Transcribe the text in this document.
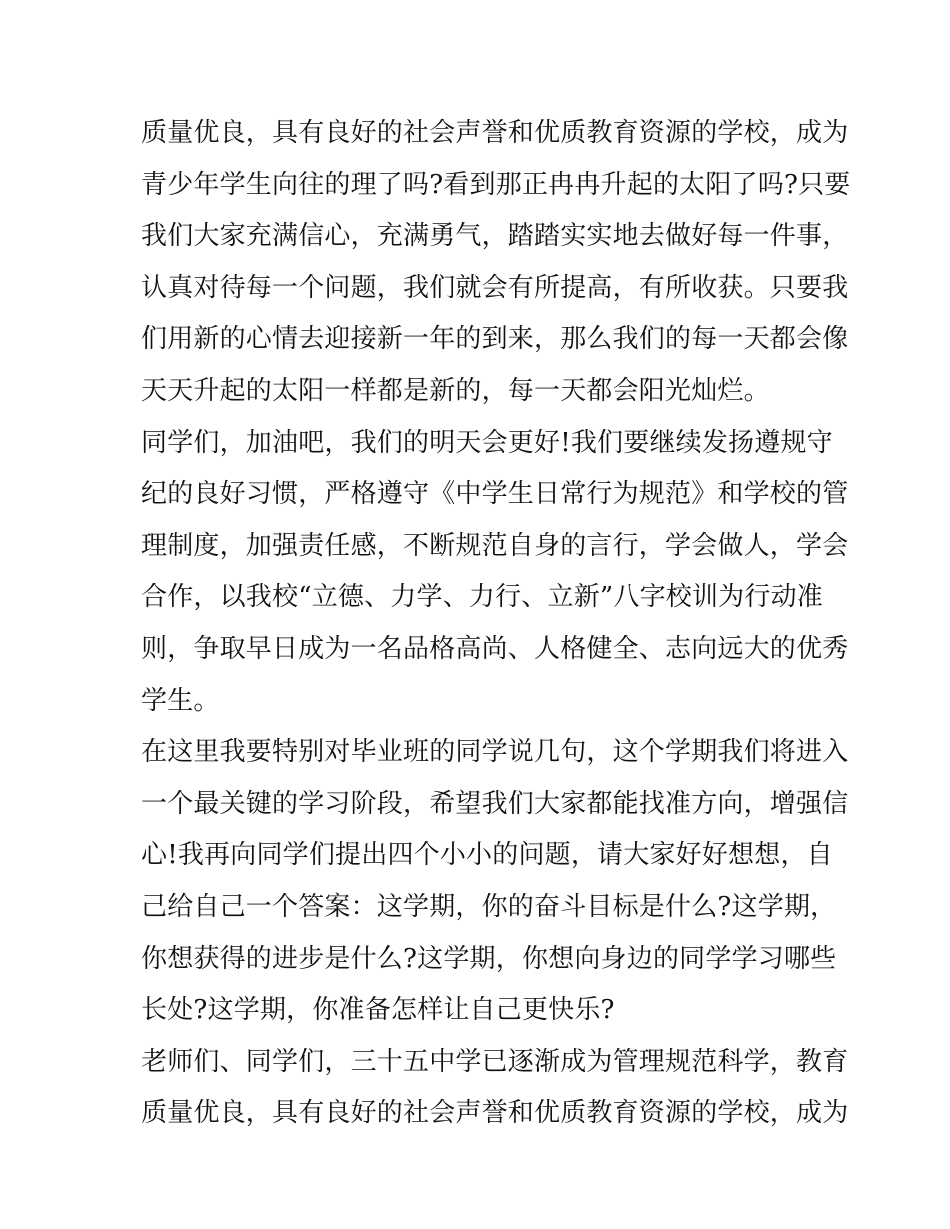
质量优良，具有良好的社会声誉和优质教育资源的学校，成为
青少年学生向往的理了吗?看到那正冉冉升起的太阳了吗?只要
我们大家充满信心，充满勇气，踏踏实实地去做好每一件事，
认真对待每一个问题，我们就会有所提高，有所收获。只要我
们用新的心情去迎接新一年的到来，那么我们的每一天都会像
天天升起的太阳一样都是新的，每一天都会阳光灿烂。
同学们，加油吧，我们的明天会更好!我们要继续发扬遵规守
纪的良好习惯，严格遵守《中学生日常行为规范》和学校的管
理制度，加强责任感，不断规范自身的言行，学会做人，学会
合作，以我校“立德、力学、力行、立新”八字校训为行动准
则，争取早日成为一名品格高尚、人格健全、志向远大的优秀
学生。
在这里我要特别对毕业班的同学说几句，这个学期我们将进入
一个最关键的学习阶段，希望我们大家都能找准方向，增强信
心!我再向同学们提出四个小小的问题，请大家好好想想，自
己给自己一个答案：这学期，你的奋斗目标是什么?这学期，
你想获得的进步是什么?这学期，你想向身边的同学学习哪些
长处?这学期，你准备怎样让自己更快乐?
老师们、同学们，三十五中学已逐渐成为管理规范科学，教育
质量优良，具有良好的社会声誉和优质教育资源的学校，成为
